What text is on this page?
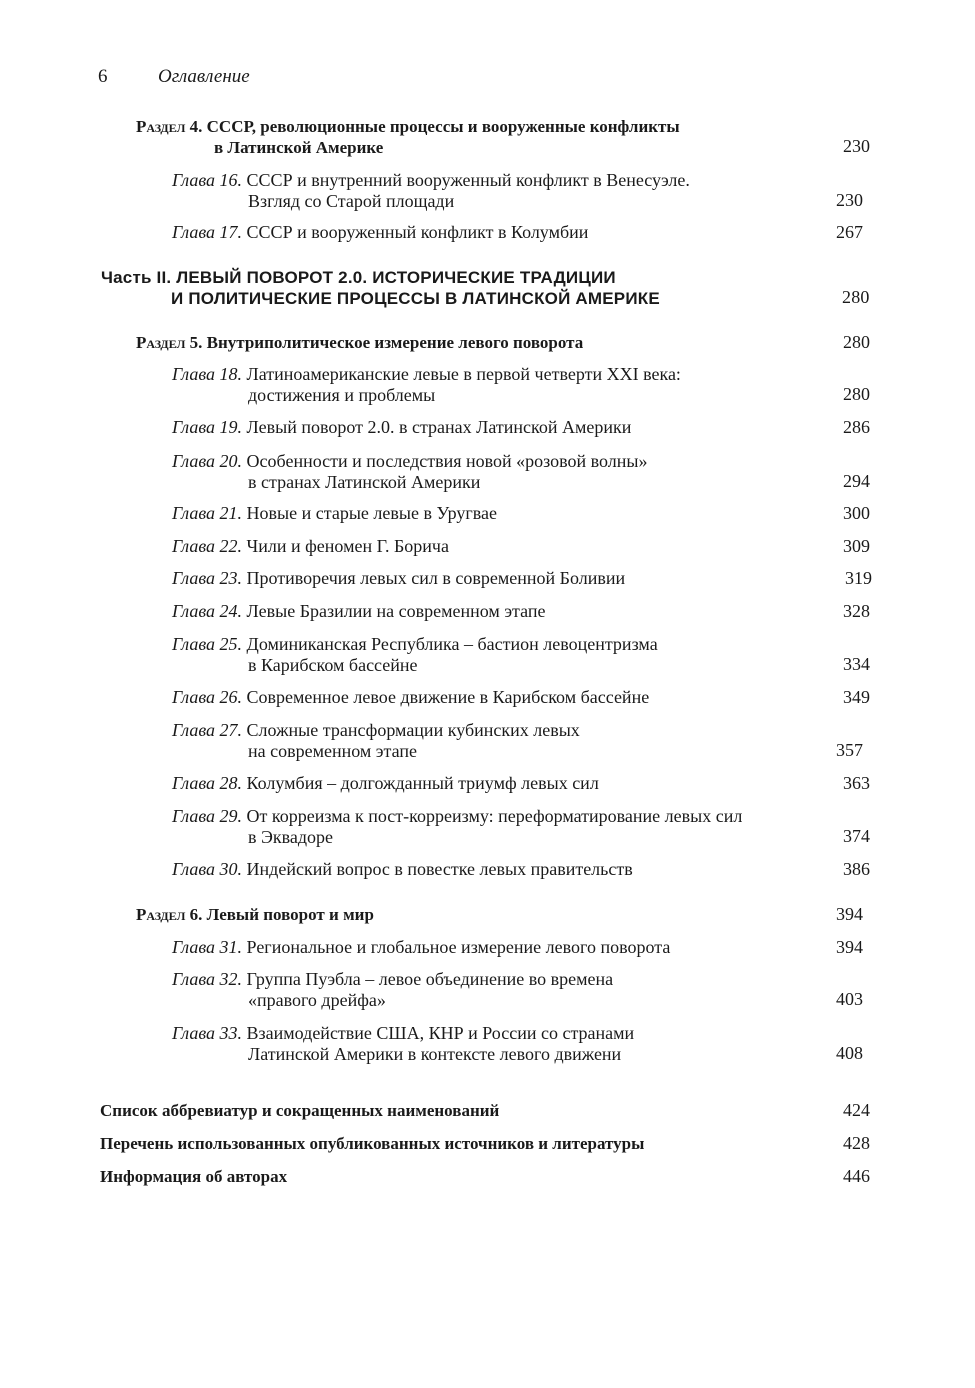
6	Оглавление
Раздел 4. СССР, революционные процессы и вооруженные конфликты
в Латинской Америке	230
Глава 16. СССР и внутренний вооруженный конфликт в Венесуэле.
Взгляд со Старой площади	230
Глава 17. СССР и вооруженный конфликт в Колумбии	267
Часть II. ЛЕВЫЙ ПОВОРОТ 2.0. ИСТОРИЧЕСКИЕ ТРАДИЦИИ
И ПОЛИТИЧЕСКИЕ ПРОЦЕССЫ В ЛАТИНСКОЙ АМЕРИКЕ	280
Раздел 5. Внутриполитическое измерение левого поворота	280
Глава 18. Латиноамериканские левые в первой четверти XXI века:
достижения и проблемы	280
Глава 19. Левый поворот 2.0. в странах Латинской Америки	286
Глава 20. Особенности и последствия новой «розовой волны»
в странах Латинской Америки	294
Глава 21. Новые и старые левые в Уругвае	300
Глава 22. Чили и феномен Г. Борича	309
Глава 23. Противоречия левых сил в современной Боливии	319
Глава 24. Левые Бразилии на современном этапе	328
Глава 25. Доминиканская Республика – бастион левоцентризма
в Карибском бассейне	334
Глава 26. Современное левое движение в Карибском бассейне	349
Глава 27. Сложные трансформации кубинских левых
на современном этапе	357
Глава 28. Колумбия – долгожданный триумф левых сил	363
Глава 29. От корреизма к пост-корреизму: переформатирование левых сил
в Эквадоре	374
Глава 30. Индейский вопрос в повестке левых правительств	386
Раздел 6. Левый поворот и мир	394
Глава 31. Региональное и глобальное измерение левого поворота	394
Глава 32. Группа Пуэбла – левое объединение во времена
«правого дрейфа»	403
Глава 33. Взаимодействие США, КНР и России со странами
Латинской Америки в контексте левого движени	408
Список аббревиатур и сокращенных наименований	424
Перечень использованных опубликованных источников и литературы	428
Информация об авторах	446
